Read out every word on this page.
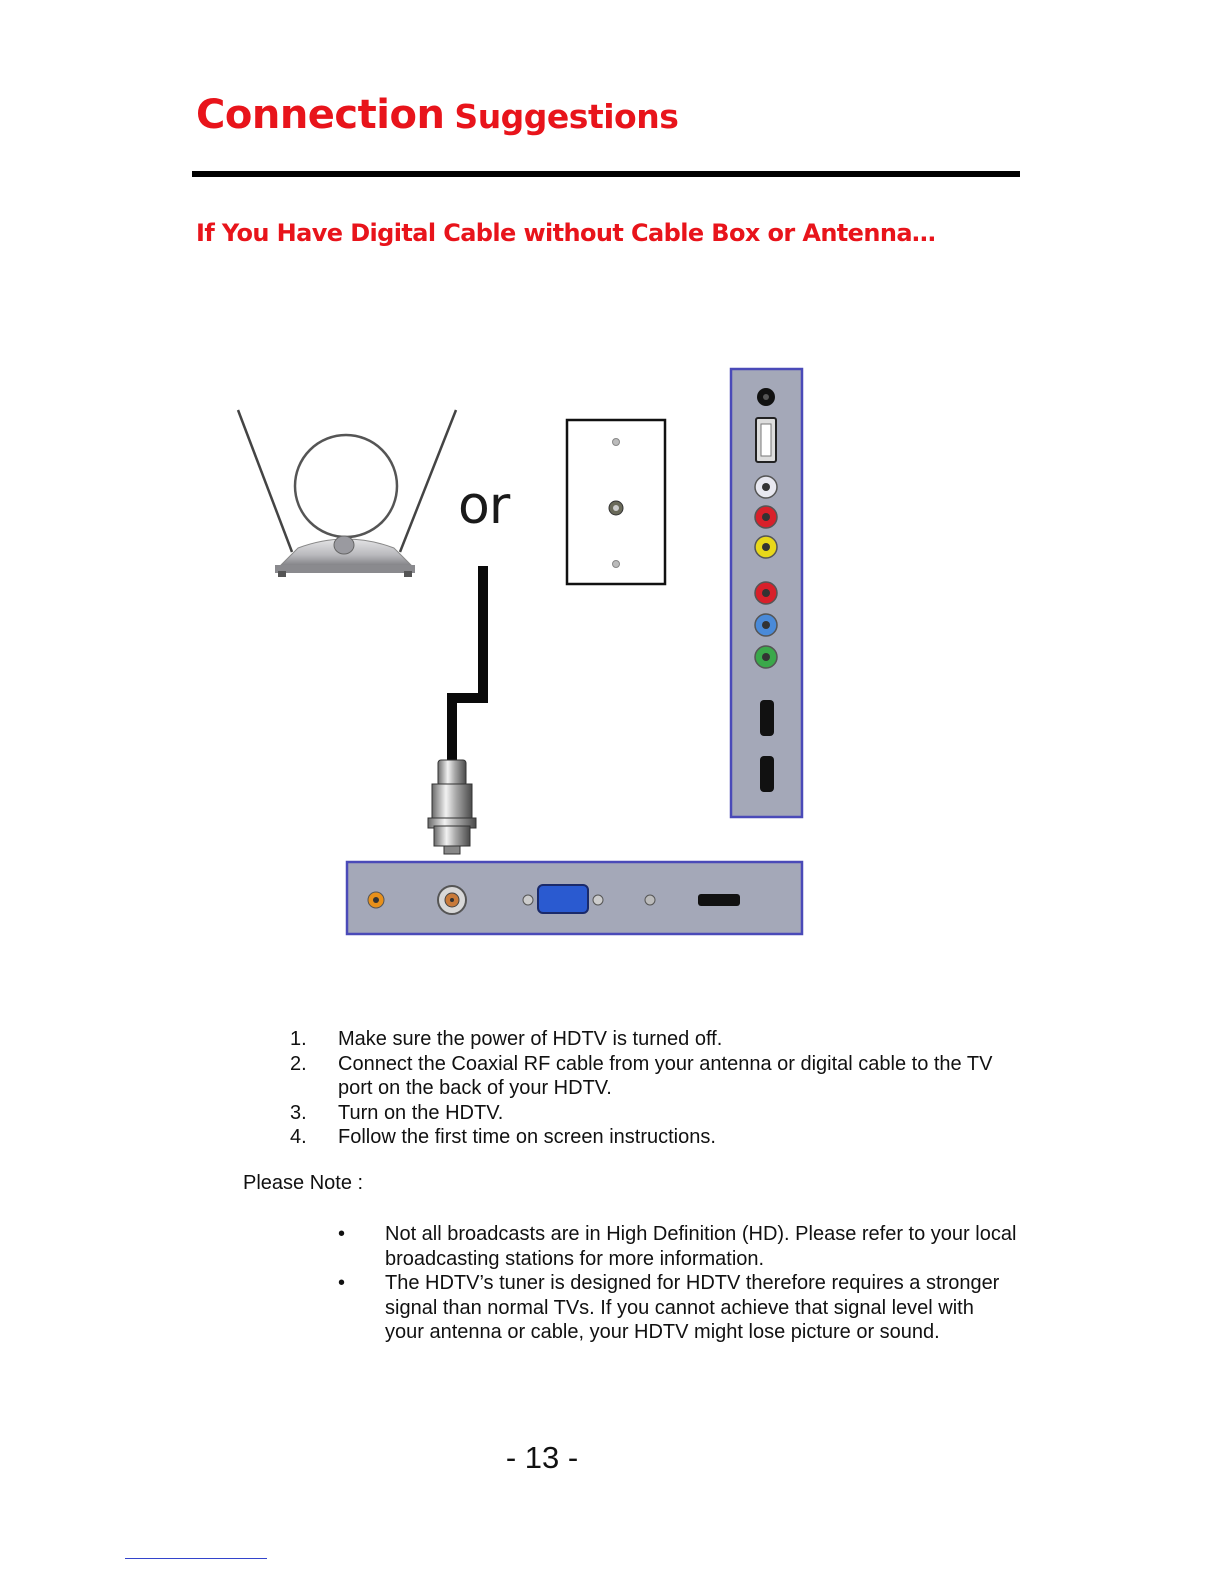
Connection Suggestions
If You Have Digital Cable without Cable Box or Antenna…
or
1. Make sure the power of HDTV is turned off.
2. Connect the Coaxial RF cable from your antenna or digital cable to the TV port on the back of your HDTV.
3. Turn on the HDTV.
4. Follow the first time on screen instructions.
Please Note :
• Not all broadcasts are in High Definition (HD). Please refer to your local broadcasting stations for more information.
• The HDTV’s tuner is designed for HDTV therefore requires a stronger signal than normal TVs. If you cannot achieve that signal level with your antenna or cable, your HDTV might lose picture or sound.
- 13 -
